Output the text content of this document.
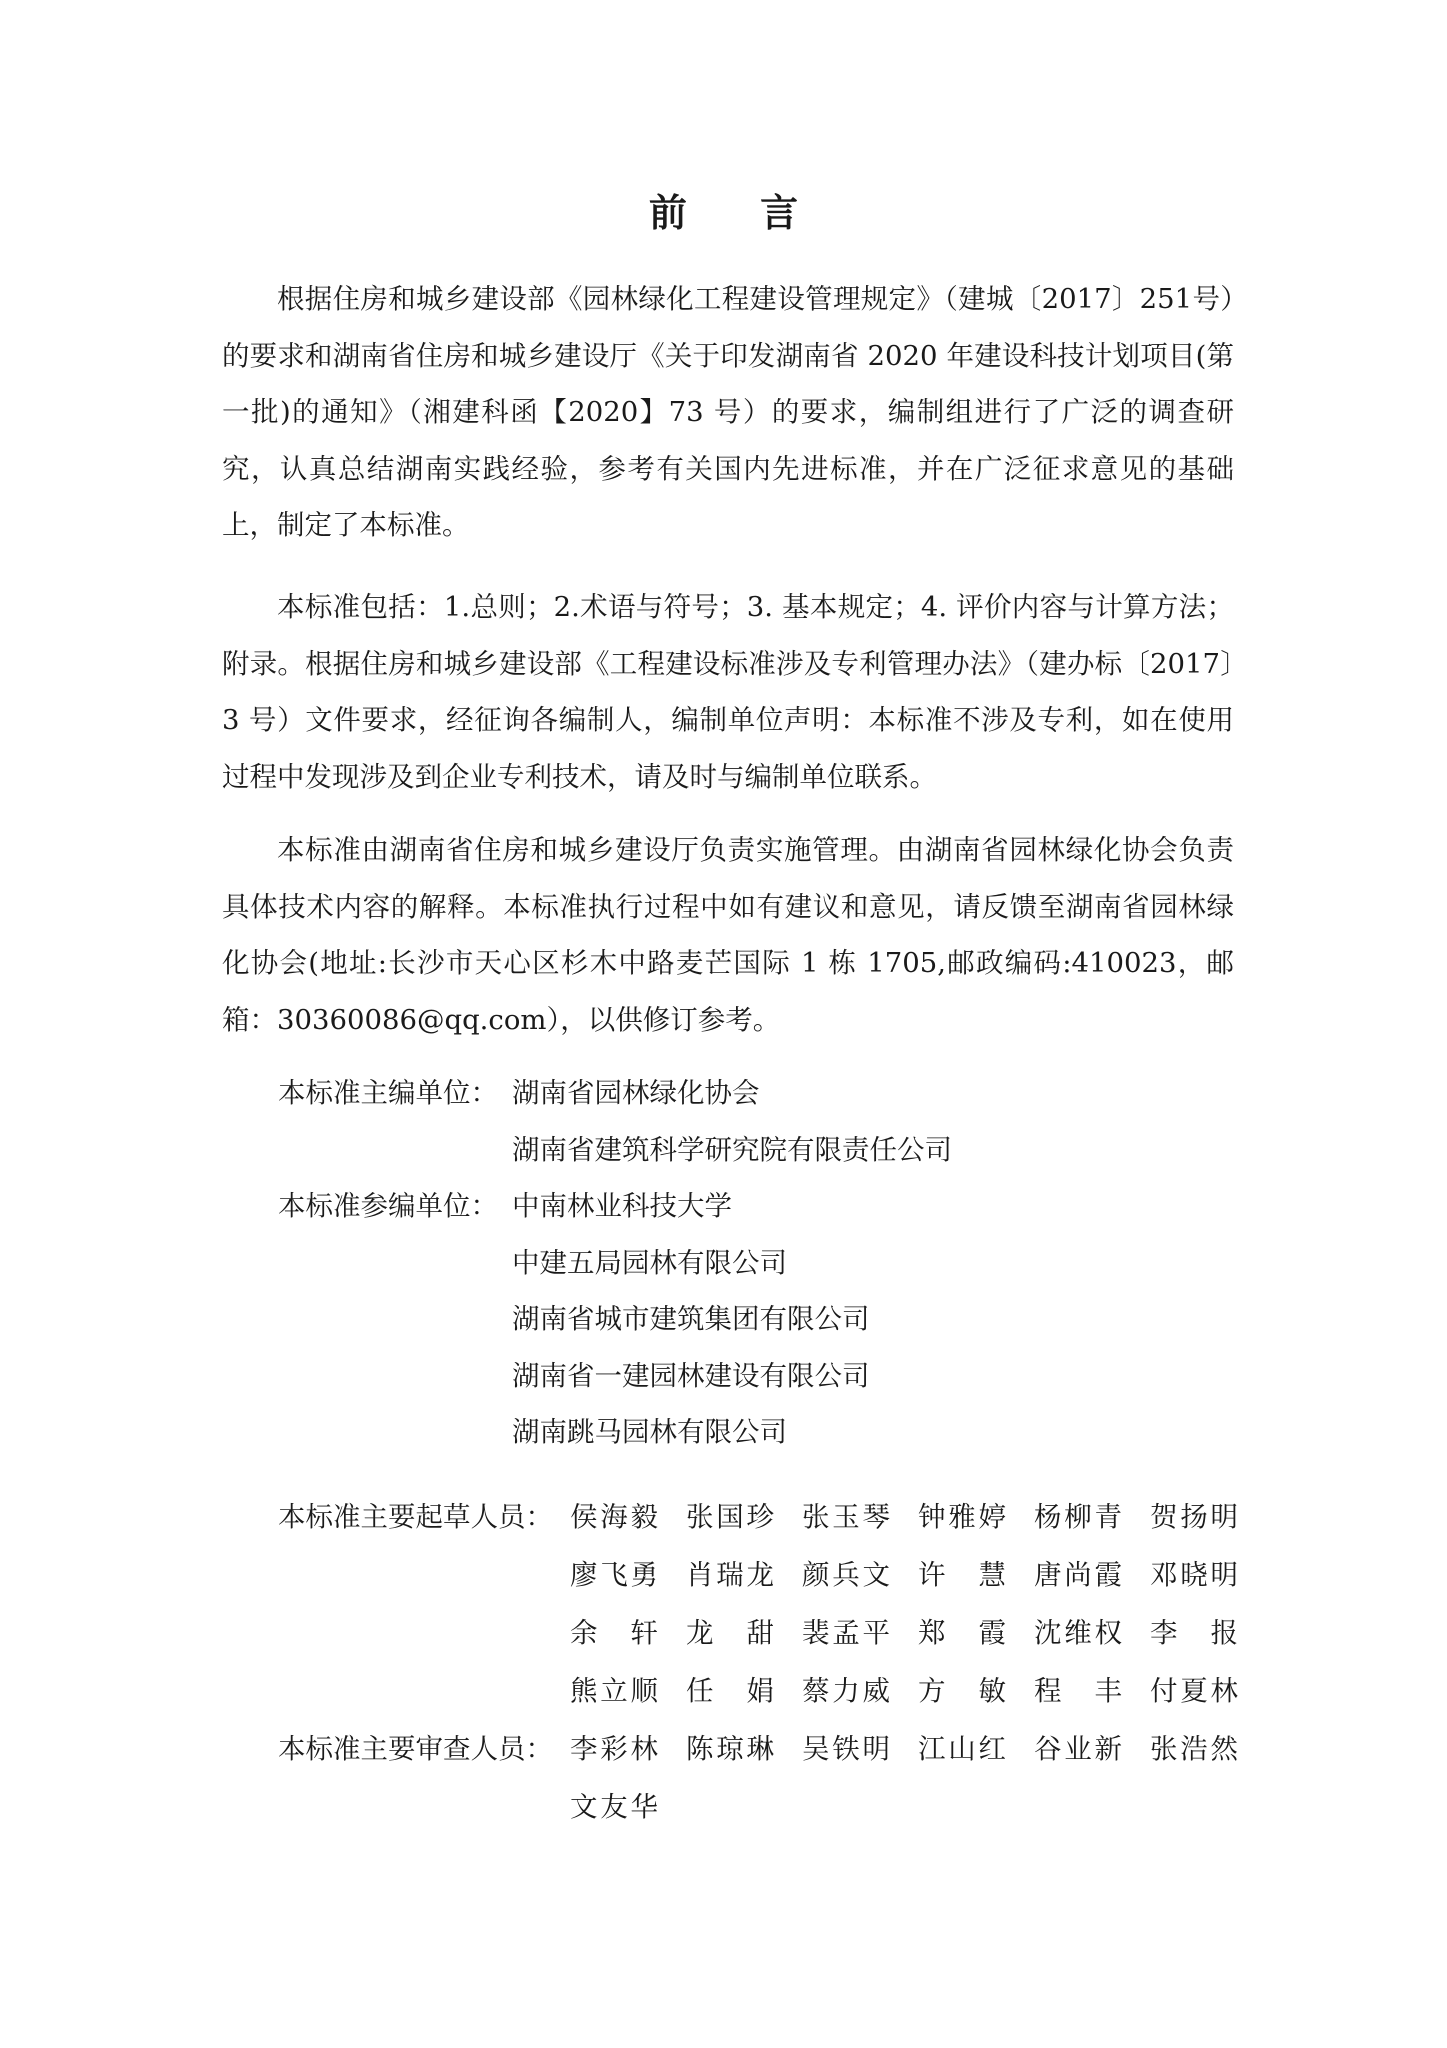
前 言

根据住房和城乡建设部《园林绿化工程建设管理规定》（建城〔2017〕251号）的要求和湖南省住房和城乡建设厅《关于印发湖南省 2020 年建设科技计划项目(第一批)的通知》（湘建科函【2020】73 号）的要求，编制组进行了广泛的调查研究，认真总结湖南实践经验，参考有关国内先进标准，并在广泛征求意见的基础上，制定了本标准。

本标准包括：1.总则；2.术语与符号；3. 基本规定；4. 评价内容与计算方法；附录。根据住房和城乡建设部《工程建设标准涉及专利管理办法》（建办标〔2017〕3 号）文件要求，经征询各编制人，编制单位声明：本标准不涉及专利，如在使用过程中发现涉及到企业专利技术，请及时与编制单位联系。

本标准由湖南省住房和城乡建设厅负责实施管理。由湖南省园林绿化协会负责具体技术内容的解释。本标准执行过程中如有建议和意见，请反馈至湖南省园林绿化协会(地址:长沙市天心区杉木中路麦芒国际 1 栋 1705,邮政编码:410023，邮箱：30360086@qq.com），以供修订参考。

本标准主编单位： 湖南省园林绿化协会
湖南省建筑科学研究院有限责任公司
本标准参编单位： 中南林业科技大学
中建五局园林有限公司
湖南省城市建筑集团有限公司
湖南省一建园林建设有限公司
湖南跳马园林有限公司
本标准主要起草人员： 侯海毅 张国珍 张玉琴 钟雅婷 杨柳青 贺扬明
廖飞勇 肖瑞龙 颜兵文 许慧 唐尚霞 邓晓明
余轩 龙甜 裴孟平 郑霞 沈维权 李报
熊立顺 任娟 蔡力威 方敏 程丰 付夏林
本标准主要审查人员： 李彩林 陈琼琳 吴铁明 江山红 谷业新 张浩然
文友华
